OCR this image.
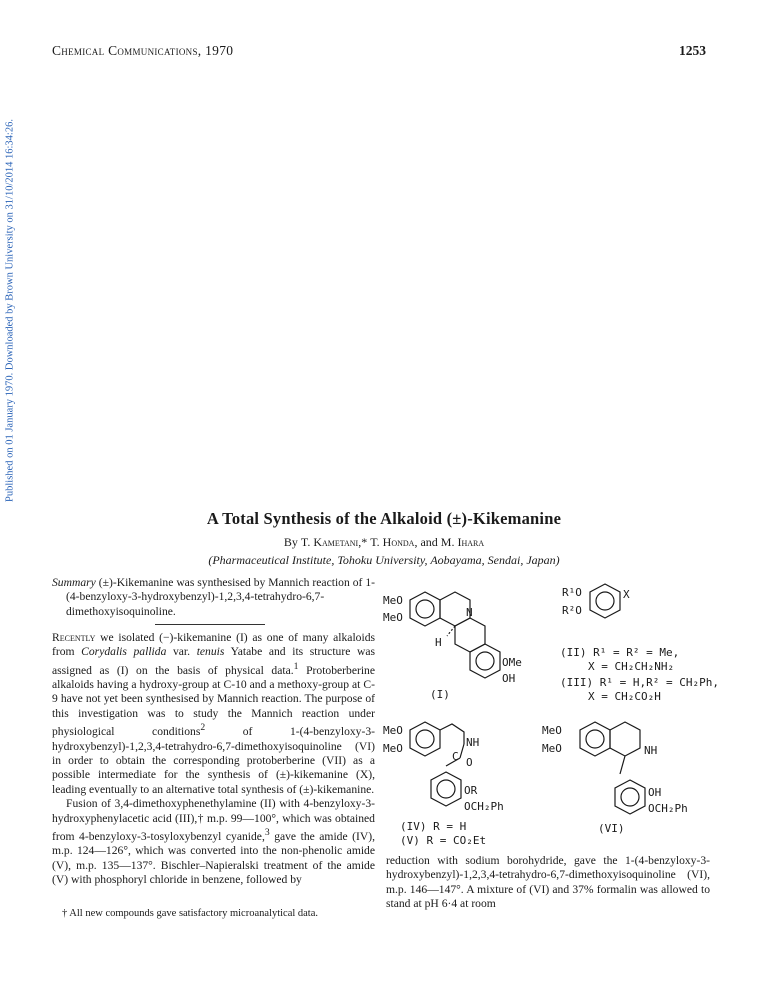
Chemical Communications, 1970	1253
Published on 01 January 1970. Downloaded by Brown University on 31/10/2014 16:34:26.
A Total Synthesis of the Alkaloid (±)-Kikemanine
By T. Kametani,* T. Honda, and M. Ihara
(Pharmaceutical Institute, Tohoku University, Aobayama, Sendai, Japan)

Summary (±)-Kikemanine was synthesised by Mannich reaction of 1-(4-benzyloxy-3-hydroxybenzyl)-1,2,3,4-tetrahydro-6,7-dimethoxyisoquinoline.

Recently we isolated (−)-kikemanine (I) as one of many alkaloids from Corydalis pallida var. tenuis Yatabe and its structure was assigned as (I) on the basis of physical data.$^1$ Protoberberine alkaloids having a hydroxy-group at C-10 and a methoxy-group at C-9 have not yet been synthesised by Mannich reaction. The purpose of this investigation was to study the Mannich reaction under physiological conditions$^2$ of 1-(4-benzyloxy-3-hydroxybenzyl)-1,2,3,4-tetrahydro-6,7-dimethoxyisoquinoline (VI) in order to obtain the corresponding protoberberine (VII) as a possible intermediate for the synthesis of (±)-kikemanine (X), leading eventually to an alternative total synthesis of (±)-kikemanine.

Fusion of 3,4-dimethoxyphenethylamine (II) with 4-benzyloxy-3-hydroxyphenylacetic acid (III),† m.p. 99—100°, which was obtained from 4-benzyloxy-3-tosyloxybenzyl cyanide,$^3$ gave the amide (IV), m.p. 124—126°, which was converted into the non-phenolic amide (V), m.p. 135—137°. Bischler–Napieralski treatment of the amide (V) with phosphoryl chloride in benzene, followed by

† All new compounds gave satisfactory microanalytical data.

reduction with sodium borohydride, gave the 1-(4-benzyloxy-3-hydroxybenzyl)-1,2,3,4-tetrahydro-6,7-dimethoxyisoquinoline (VI), m.p. 146—147°. A mixture of (VI) and 37% formalin was allowed to stand at pH 6·4 at room

MeO
MeO	N
H
OMe
OH
(I)
R¹O
R²O
X
(II) R¹ = R² = Me,
X = CH₂CH₂NH₂
(III) R¹ = H,R² = CH₂Ph,
X = CH₂CO₂H
MeO
MeO	NH
C O
OR
OCH₂Ph
(IV) R = H
(V) R = CO₂Et
MeO
MeO	NH
OH
OCH₂Ph
(VI)
